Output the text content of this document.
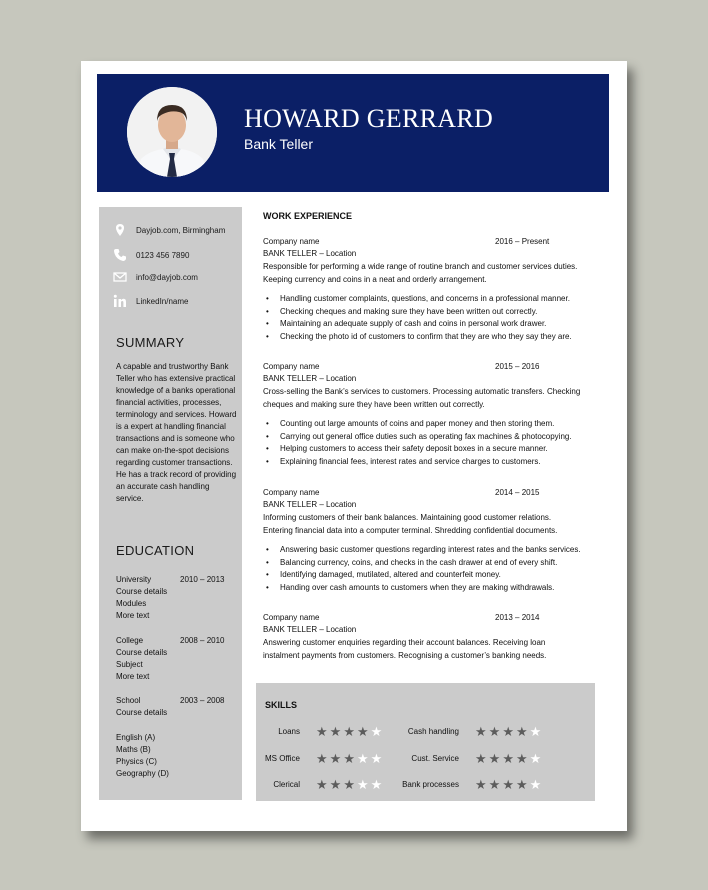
HOWARD GERRARD
Bank Teller
Dayjob.com, Birmingham
0123 456 7890
info@dayjob.com
LinkedIn/name
SUMMARY
A capable and trustworthy Bank Teller who has extensive practical knowledge of a banks operational financial activities, processes, terminology and services. Howard is a expert at handling financial transactions and is someone who can make on-the-spot decisions regarding customer transactions. He has a track record of providing an accurate cash handling service.
EDUCATION
University	2010 – 2013
Course details
Modules
More text
College	2008 – 2010
Course details
Subject
More text
School	2003 – 2008
Course details
English (A)
Maths (B)
Physics (C)
Geography (D)
WORK EXPERIENCE
Company name	2016 – Present
BANK TELLER – Location
Responsible for performing a wide range of routine branch and customer services duties.
Keeping currency and coins in a neat and orderly arrangement.
• Handling customer complaints, questions, and concerns in a professional manner.
• Checking cheques and making sure they have been written out correctly.
• Maintaining an adequate supply of cash and coins in personal work drawer.
• Checking the photo id of customers to confirm that they are who they say they are.
Company name	2015 – 2016
BANK TELLER – Location
Cross-selling the Bank’s services to customers. Processing automatic transfers. Checking
cheques and making sure they have been written out correctly.
• Counting out large amounts of coins and paper money and then storing them.
• Carrying out general office duties such as operating fax machines & photocopying.
• Helping customers to access their safety deposit boxes in a secure manner.
• Explaining financial fees, interest rates and service charges to customers.
Company name	2014 – 2015
BANK TELLER – Location
Informing customers of their bank balances. Maintaining good customer relations.
Entering financial data into a computer terminal. Shredding confidential documents.
• Answering basic customer questions regarding interest rates and the banks services.
• Balancing currency, coins, and checks in the cash drawer at end of every shift.
• Identifying damaged, mutilated, altered and counterfeit money.
• Handing over cash amounts to customers when they are making withdrawals.
Company name	2013 – 2014
BANK TELLER – Location
Answering customer enquiries regarding their account balances. Receiving loan
instalment payments from customers. Recognising a customer’s banking needs.
SKILLS
Loans ★★★★★	Cash handling ★★★★★
MS Office ★★★★★	Cust. Service ★★★★★
Clerical ★★★★★ Bank processes ★★★★★
